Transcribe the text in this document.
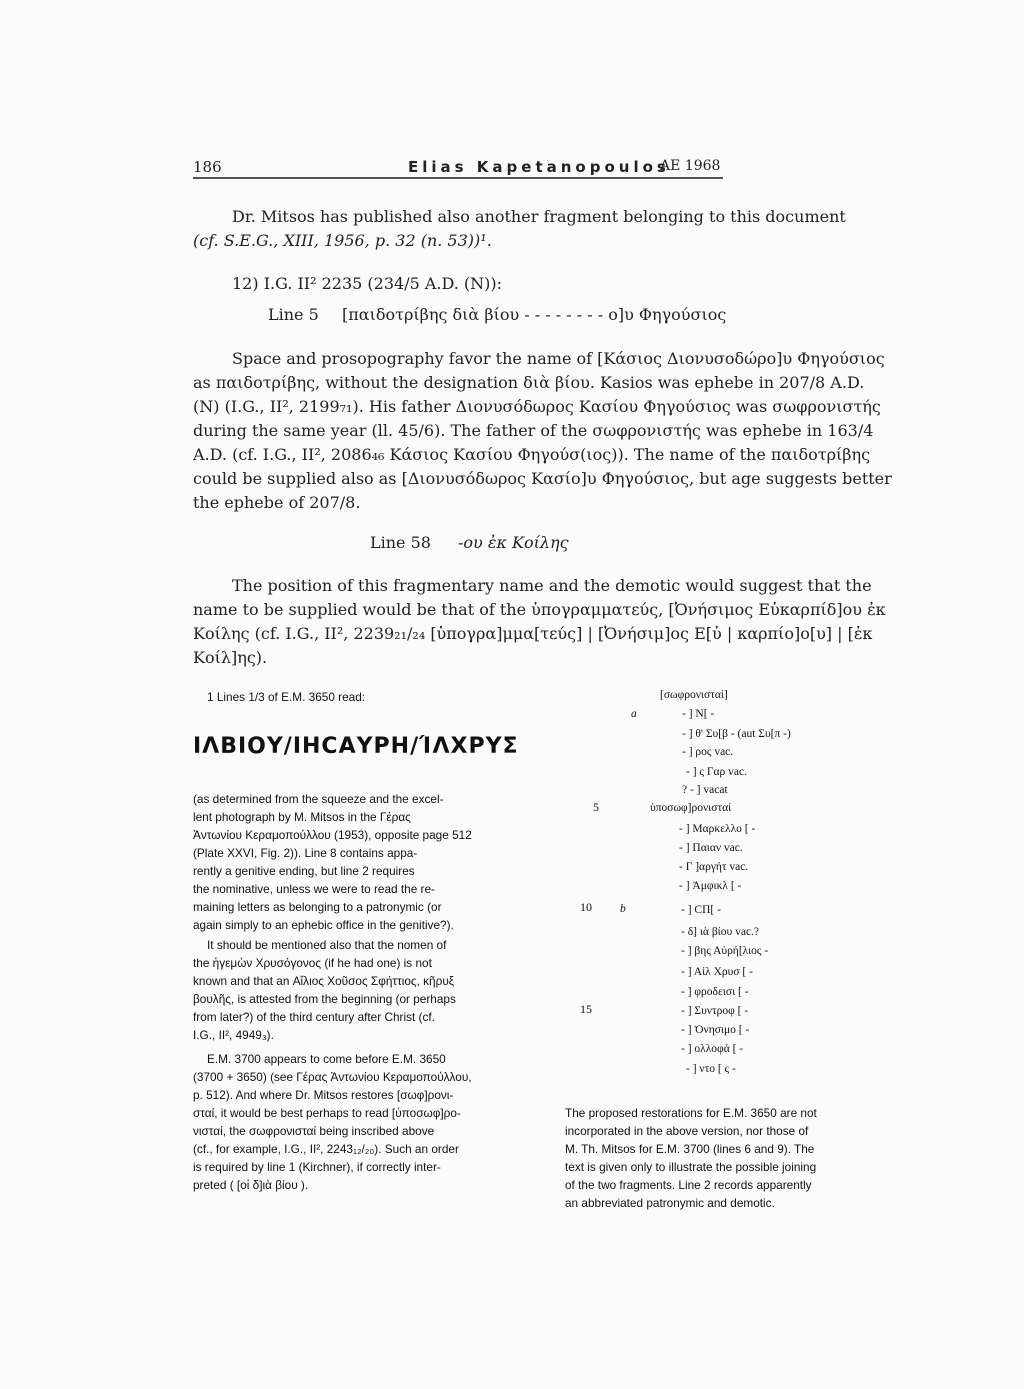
186	Elias Kapetanopoulos
ΑΕ 1968
Dr. Mitsos has published also another fragment belonging to this document
(cf. S.E.G., XIII, 1956, p. 32 (n. 53))¹.
12) I.G. II² 2235 (234/5 A.D. (N)):
Line 5 [παιδοτρίβης διὰ βίου - - - - - - - - ο]υ Φηγούσιος
Space and prosopography favor the name of [Κάσιος Διονυσοδώρο]υ Φηγούσιος
as παιδοτρίβης, without the designation διὰ βίου. Kasios was ephebe in 207/8 A.D.
(N) (I.G., II², 2199₇₁). His father Διονυσόδωρος Κασίου Φηγούσιος was σωφρονιστής
during the same year (ll. 45/6). The father of the σωφρονιστής was ephebe in 163/4
A.D. (cf. I.G., II², 2086₄₆ Κάσιος Κασίου Φηγούσ(ιος)). The name of the παιδοτρίβης
could be supplied also as [Διονυσόδωρος Κασίο]υ Φηγούσιος, but age suggests better
the ephebe of 207/8.
Line 58 -ου ἐκ Κοίλης
The position of this fragmentary name and the demotic would suggest that the
name to be supplied would be that of the ὑπογραμματεύς, [Ὀνήσιμος Εὐκαρπίδ]ου ἐκ
Κοίλης (cf. I.G., II², 2239₂₁/₂₄ [ὑπογρα]μμα[τεύς] | [Ὀνήσιμ]ος Ε[ὐ | καρπίο]ο[υ] | [ἐκ
Κοίλ]ης).
1 Lines 1/3 of E.M. 3650 read:
ΙΛΒΙΟΥ/ΙΗCΑΥΡΗ/ΊΛΧΡΥΣ
(as determined from the squeeze and the excel-
lent photograph by M. Mitsos in the Γέρας
Ἀντωνίου Κεραμοπούλλου (1953), opposite page 512
(Plate XXVI, Fig. 2)). Line 8 contains appa-
rently a genitive ending, but line 2 requires
the nominative, unless we were to read the re-
maining letters as belonging to a patronymic (or
again simply to an ephebic office in the genitive?).
It should be mentioned also that the nomen of
the ἡγεμὼν Χρυσόγονος (if he had one) is not
known and that an Αἴλιος Χοῦσος Σφήττιος, κῆρυξ
βουλῆς, is attested from the beginning (or perhaps
from later?) of the third century after Christ (cf.
I.G., II², 4949₃).
E.M. 3700 appears to come before E.M. 3650
(3700 + 3650) (see Γέρας Ἀντωνίου Κεραμοπούλλου,
p. 512). And where Dr. Mitsos restores [σωφ]ρονι-
σταί, it would be best perhaps to read [ὑποσωφ]ρο-
νισταί, the σωφρονισταί being inscribed above
(cf., for example, I.G., II², 2243₁₂/₂₀). Such an order
is required by line 1 (Kirchner), if correctly inter-
preted ( [οἱ δ]ιὰ βίου ).
[σωφρονισταί]
a	- ] Ν[ -
- ] θ' Συ[β - (aut Συ[π -)
- ] ρος vac.
- ] ς Γαρ vac.
? - ] vacat
5	ὑποσωφ]ρονισταί
- ] Μαρκελλο [ -
- ] Παιαν vac.
- Γ ]αργήτ vac.
- ] Ἀμφικλ [ -
10 b	- ] CΠ[ -
- δ] ιὰ βίου vac.?
- ] βης Αὐρή[λιος -
- ] Αἰλ Χρυσ [ -
- ] φροδεισι [ -
15	- ] Συντροφ [ -
- ] Ὀνησιμο [ -
- ] ολλοφά [ -
- ] ντο [ ς -
The proposed restorations for E.M. 3650 are not
incorporated in the above version, nor those of
M. Th. Mitsos for E.M. 3700 (lines 6 and 9). The
text is given only to illustrate the possible joining
of the two fragments. Line 2 records apparently
an abbreviated patronymic and demotic.
